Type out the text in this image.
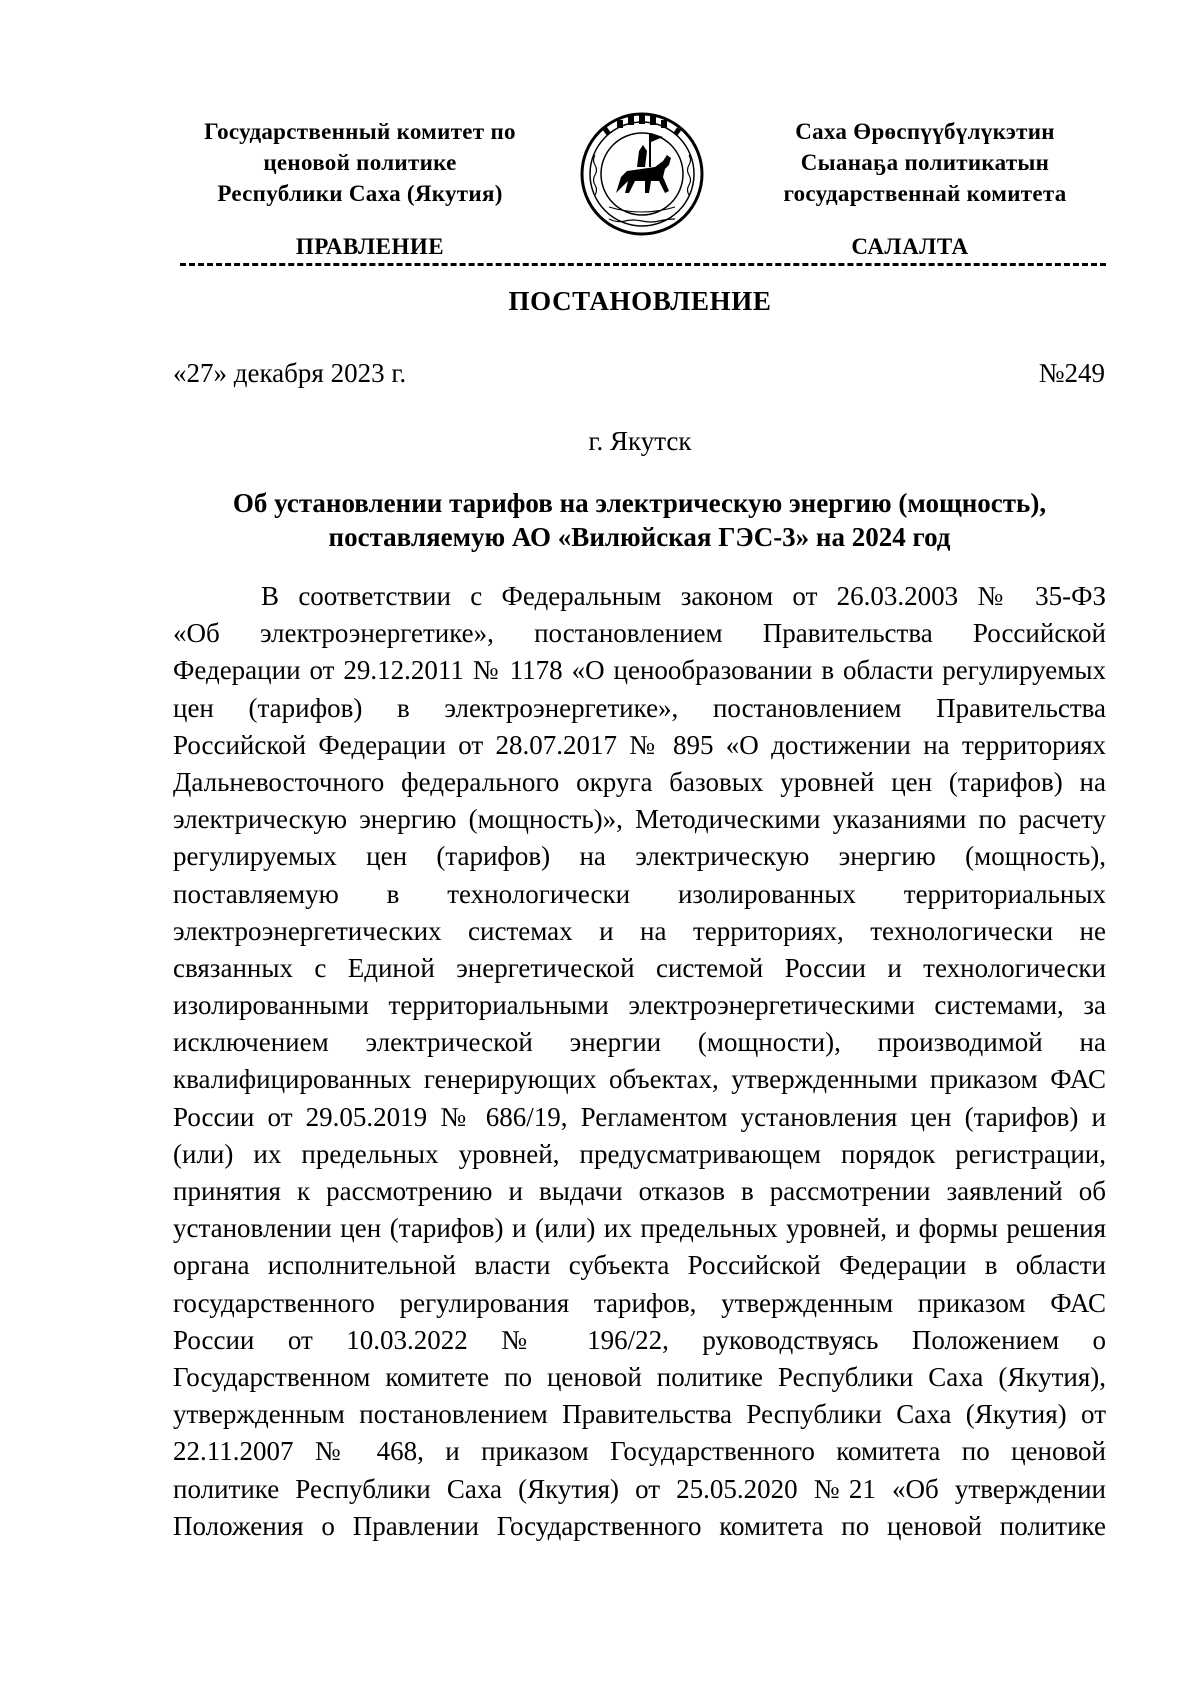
Государственный комитет по
ценовой политике
Республики Саха (Якутия)
Саха Өрөспүүбүлүкэтин
Сыанаҕа политикатын
государственнай комитета
ПРАВЛЕНИЕ	САЛАЛТА
ПОСТАНОВЛЕНИЕ
«27» декабря 2023 г.	№249
г. Якутск
Об установлении тарифов на электрическую энергию (мощность),
поставляемую АО «Вилюйская ГЭС-3» на 2024 год
В соответствии с Федеральным законом от 26.03.2003 № 35-ФЗ
«Об электроэнергетике», постановлением Правительства Российской
Федерации от 29.12.2011 № 1178 «О ценообразовании в области регулируемых
цен (тарифов) в электроэнергетике», постановлением Правительства
Российской Федерации от 28.07.2017 № 895 «О достижении на территориях
Дальневосточного федерального округа базовых уровней цен (тарифов) на
электрическую энергию (мощность)», Методическими указаниями по расчету
регулируемых цен (тарифов) на электрическую энергию (мощность),
поставляемую в технологически изолированных территориальных
электроэнергетических системах и на территориях, технологически не
связанных с Единой энергетической системой России и технологически
изолированными территориальными электроэнергетическими системами, за
исключением электрической энергии (мощности), производимой на
квалифицированных генерирующих объектах, утвержденными приказом ФАС
России от 29.05.2019 № 686/19, Регламентом установления цен (тарифов) и
(или) их предельных уровней, предусматривающем порядок регистрации,
принятия к рассмотрению и выдачи отказов в рассмотрении заявлений об
установлении цен (тарифов) и (или) их предельных уровней, и формы решения
органа исполнительной власти субъекта Российской Федерации в области
государственного регулирования тарифов, утвержденным приказом ФАС
России от 10.03.2022 № 196/22, руководствуясь Положением о
Государственном комитете по ценовой политике Республики Саха (Якутия),
утвержденным постановлением Правительства Республики Саха (Якутия) от
22.11.2007 № 468, и приказом Государственного комитета по ценовой
политике Республики Саха (Якутия) от 25.05.2020 №21 «Об утверждении
Положения о Правлении Государственного комитета по ценовой политике
